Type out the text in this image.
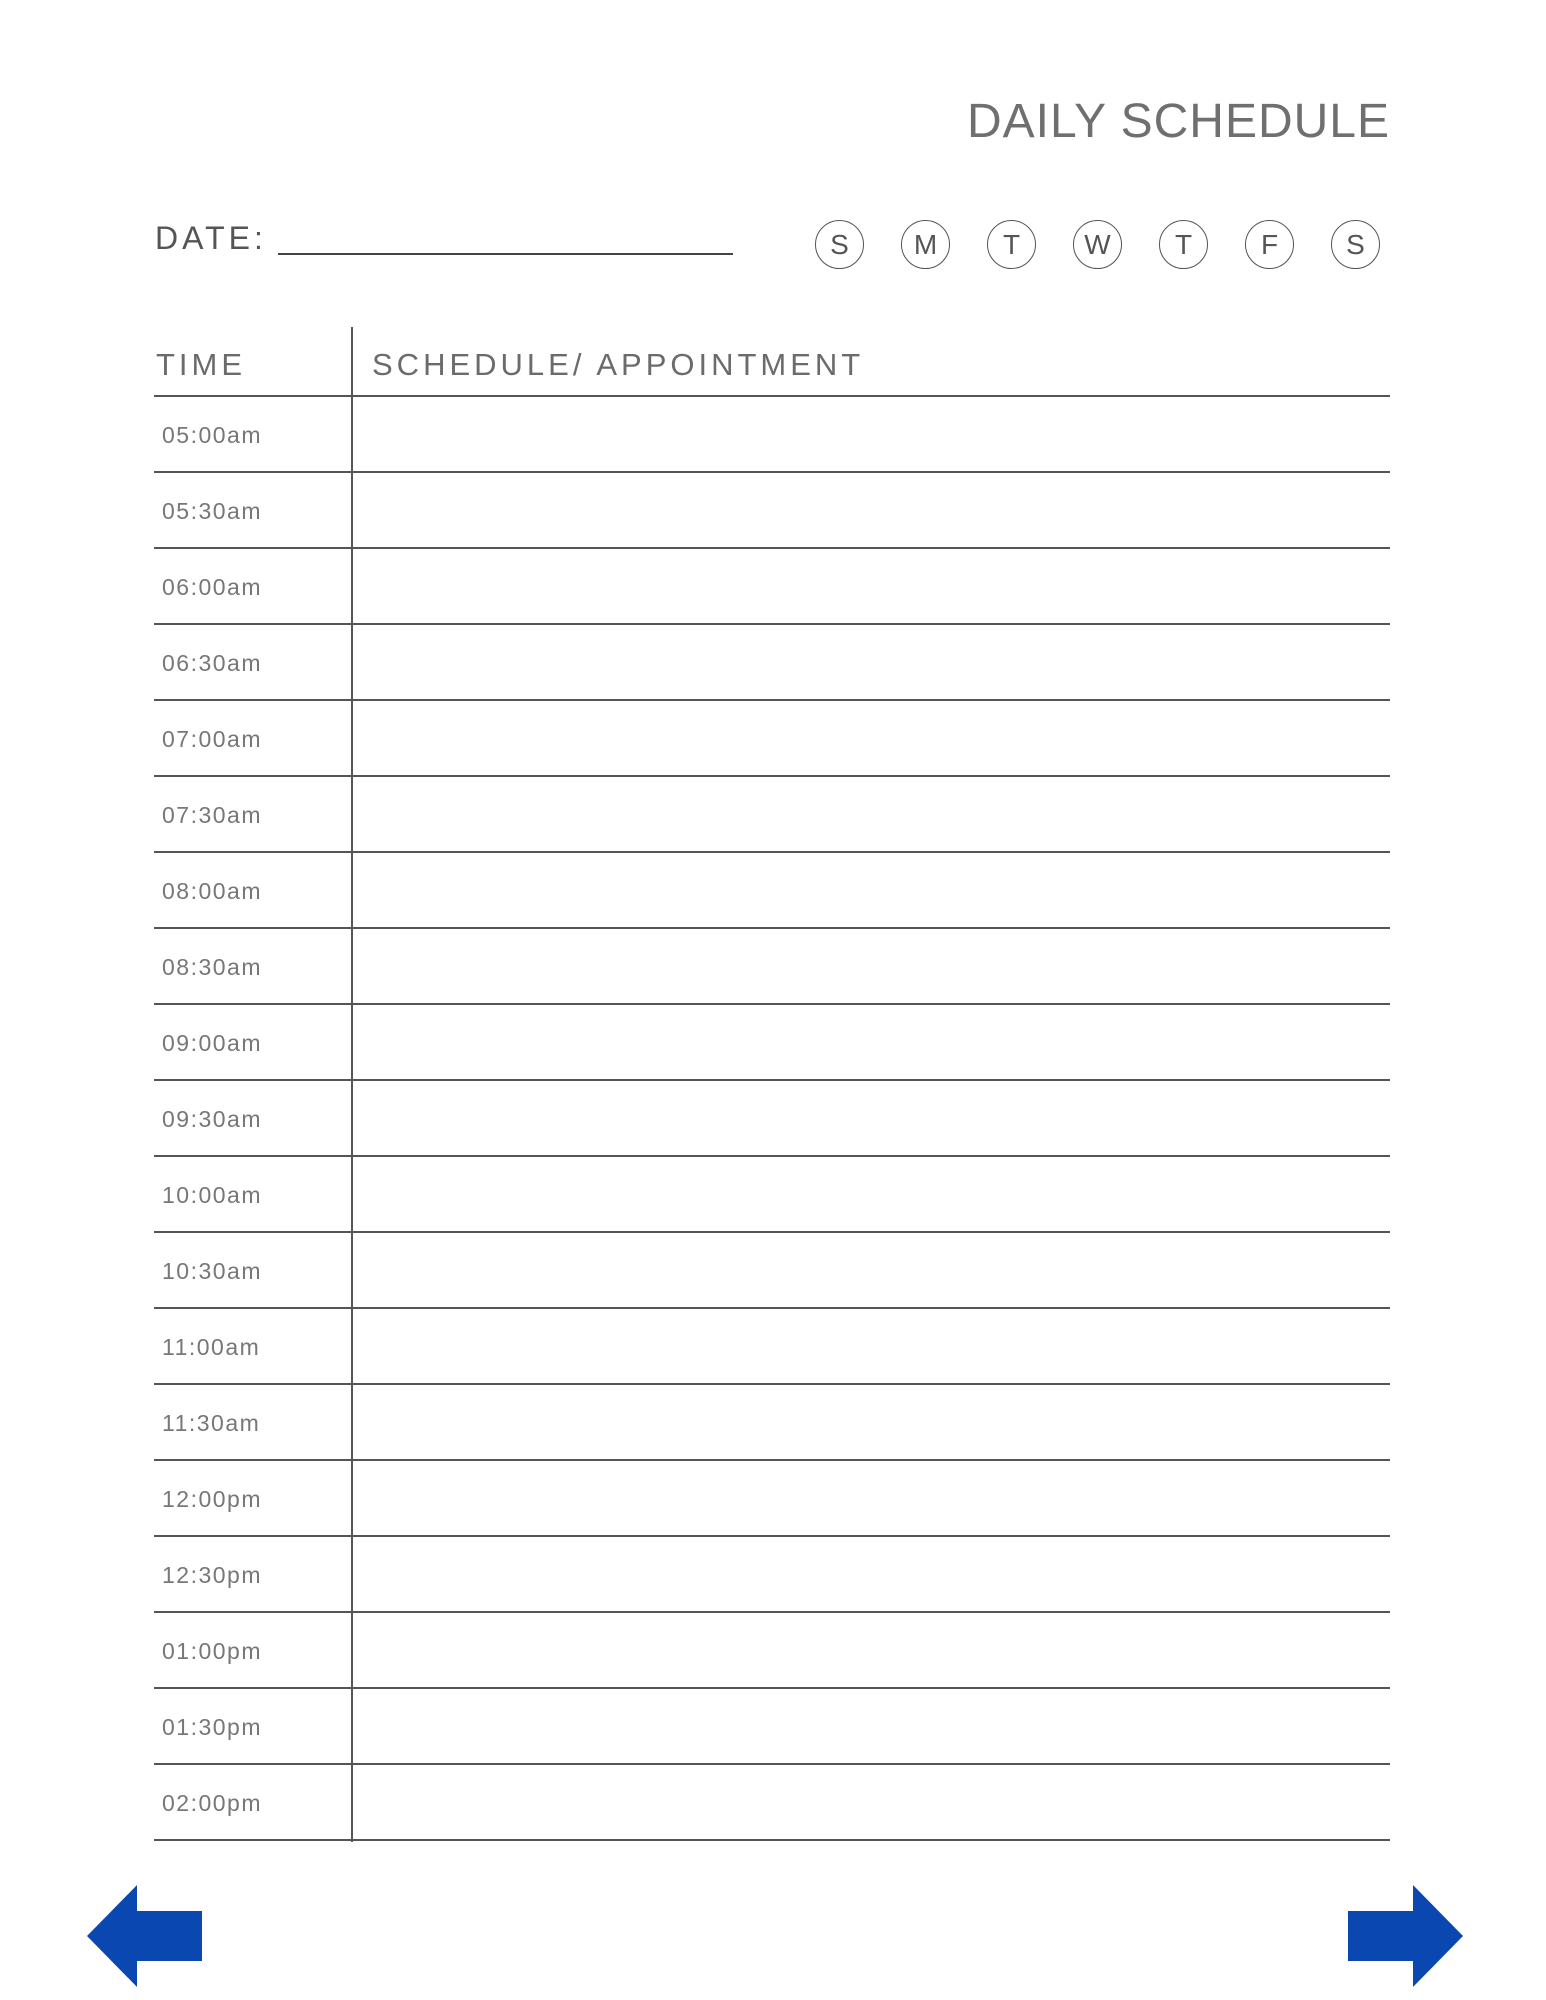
DAILY SCHEDULE
DATE:	S	M	T	W	T	F	S
TIME	SCHEDULE/ APPOINTMENT
05:00am
05:30am
06:00am
06:30am
07:00am
07:30am
08:00am
08:30am
09:00am
09:30am
10:00am
10:30am
11:00am
11:30am
12:00pm
12:30pm
01:00pm
01:30pm
02:00pm
